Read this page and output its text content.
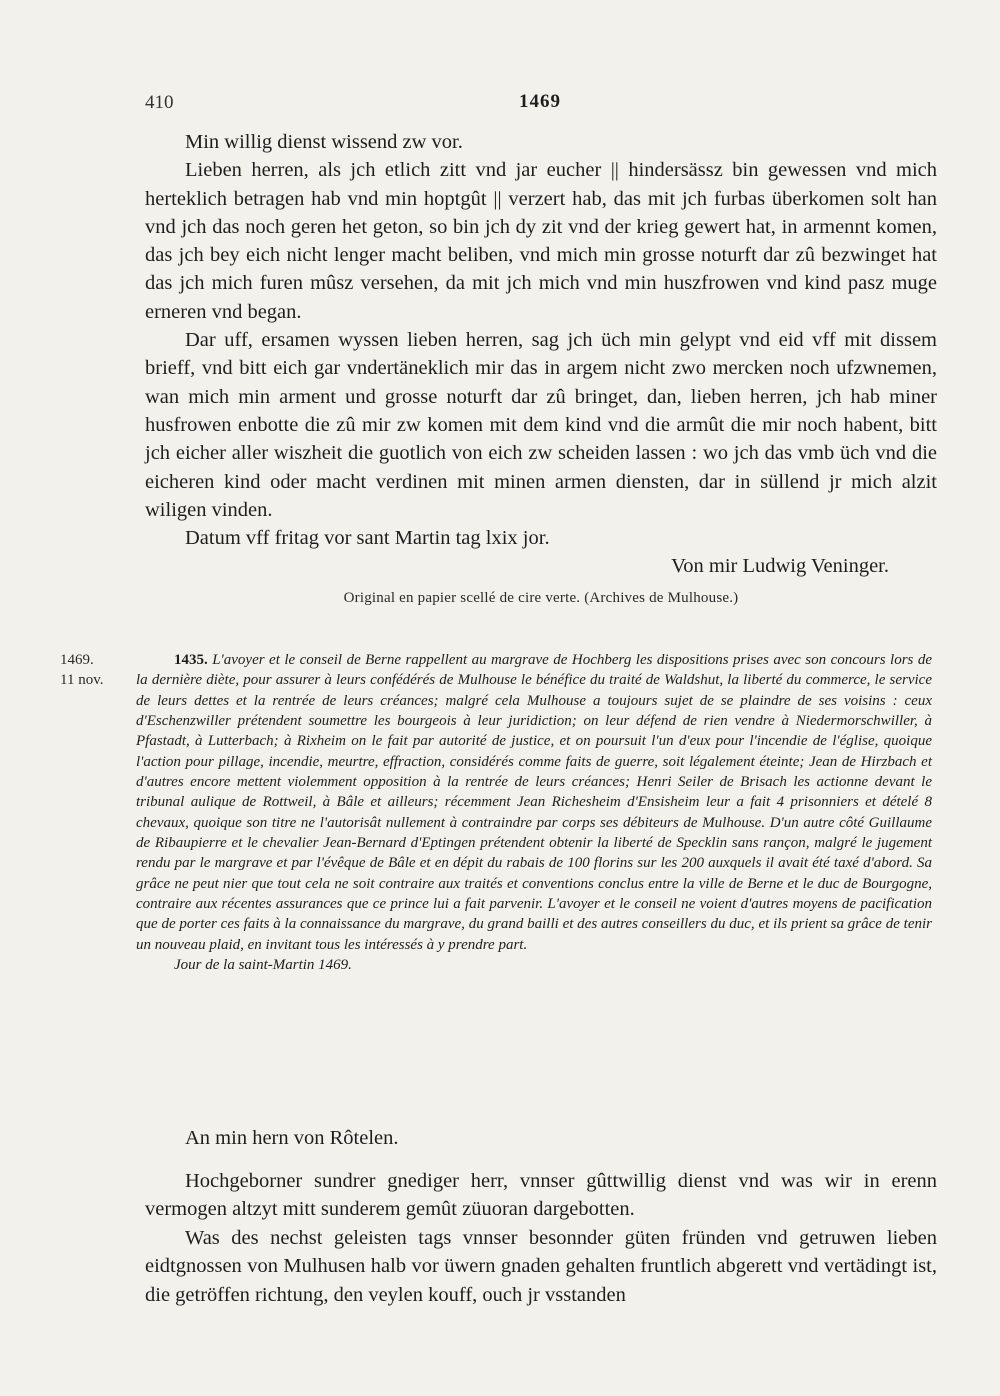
410	1469

Min willig dienst wissend zw vor.

Lieben herren, als jch etlich zitt vnd jar eucher || hindersässz bin gewessen vnd mich herteklich betragen hab vnd min hoptgût || verzert hab, das mit jch furbas überkomen solt han vnd jch das noch geren het geton, so bin jch dy zit vnd der krieg gewert hat, in armennt komen, das jch bey eich nicht lenger macht beliben, vnd mich min grosse noturft dar zû bezwinget hat das jch mich furen mûsz versehen, da mit jch mich vnd min huszfrowen vnd kind pasz muge erneren vnd began.

Dar uff, ersamen wyssen lieben herren, sag jch üch min gelypt vnd eid vff mit dissem brieff, vnd bitt eich gar vndertäneklich mir das in argem nicht zwo mercken noch ufzwnemen, wan mich min arment und grosse noturft dar zû bringet, dan, lieben herren, jch hab miner husfrowen enbotte die zû mir zw komen mit dem kind vnd die armût die mir noch habent, bitt jch eicher aller wiszheit die guotlich von eich zw scheiden lassen : wo jch das vmb üch vnd die eicheren kind oder macht verdinen mit minen armen diensten, dar in süllend jr mich alzit wiligen vinden.

Datum vff fritag vor sant Martin tag lxix jor.

Von mir Ludwig Veninger.

Original en papier scellé de cire verte. (Archives de Mulhouse.)
1469.
11 nov.

1435. L'avoyer et le conseil de Berne rappellent au margrave de Hochberg les dispositions prises avec son concours lors de la dernière diète, pour assurer à leurs confédérés de Mulhouse le bénéfice du traité de Waldshut, la liberté du commerce, le service de leurs dettes et la rentrée de leurs créances; malgré cela Mulhouse a toujours sujet de se plaindre de ses voisins : ceux d'Eschenzwiller prétendent soumettre les bourgeois à leur juridiction; on leur défend de rien vendre à Niedermorschwiller, à Pfastadt, à Lutterbach; à Rixheim on le fait par autorité de justice, et on poursuit l'un d'eux pour l'incendie de l'église, quoique l'action pour pillage, incendie, meurtre, effraction, considérés comme faits de guerre, soit légalement éteinte; Jean de Hirzbach et d'autres encore mettent violemment opposition à la rentrée de leurs créances; Henri Seiler de Brisach les actionne devant le tribunal aulique de Rottweil, à Bâle et ailleurs; récemment Jean Richesheim d'Ensisheim leur a fait 4 prisonniers et dételé 8 chevaux, quoique son titre ne l'autorisât nullement à contraindre par corps ses débiteurs de Mulhouse. D'un autre côté Guillaume de Ribaupierre et le chevalier Jean-Bernard d'Eptingen prétendent obtenir la liberté de Specklin sans rançon, malgré le jugement rendu par le margrave et par l'évêque de Bâle et en dépit du rabais de 100 florins sur les 200 auxquels il avait été taxé d'abord. Sa grâce ne peut nier que tout cela ne soit contraire aux traités et conventions conclus entre la ville de Berne et le duc de Bourgogne, contraire aux récentes assurances que ce prince lui a fait parvenir. L'avoyer et le conseil ne voient d'autres moyens de pacification que de porter ces faits à la connaissance du margrave, du grand bailli et des autres conseillers du duc, et ils prient sa grâce de tenir un nouveau plaid, en invitant tous les intéressés à y prendre part.

Jour de la saint-Martin 1469.

An min hern von Rôtelen.

Hochgeborner sundrer gnediger herr, vnnser gûttwillig dienst vnd was wir in erenn vermogen altzyt mitt sunderem gemût züuoran dargebotten.

Was des nechst geleisten tags vnnser besonnder güten fründen vnd getruwen lieben eidtgnossen von Mulhusen halb vor üwern gnaden gehalten fruntlich abgerett vnd vertädingt ist, die getröffen richtung, den veylen kouff, ouch jr vsstanden
